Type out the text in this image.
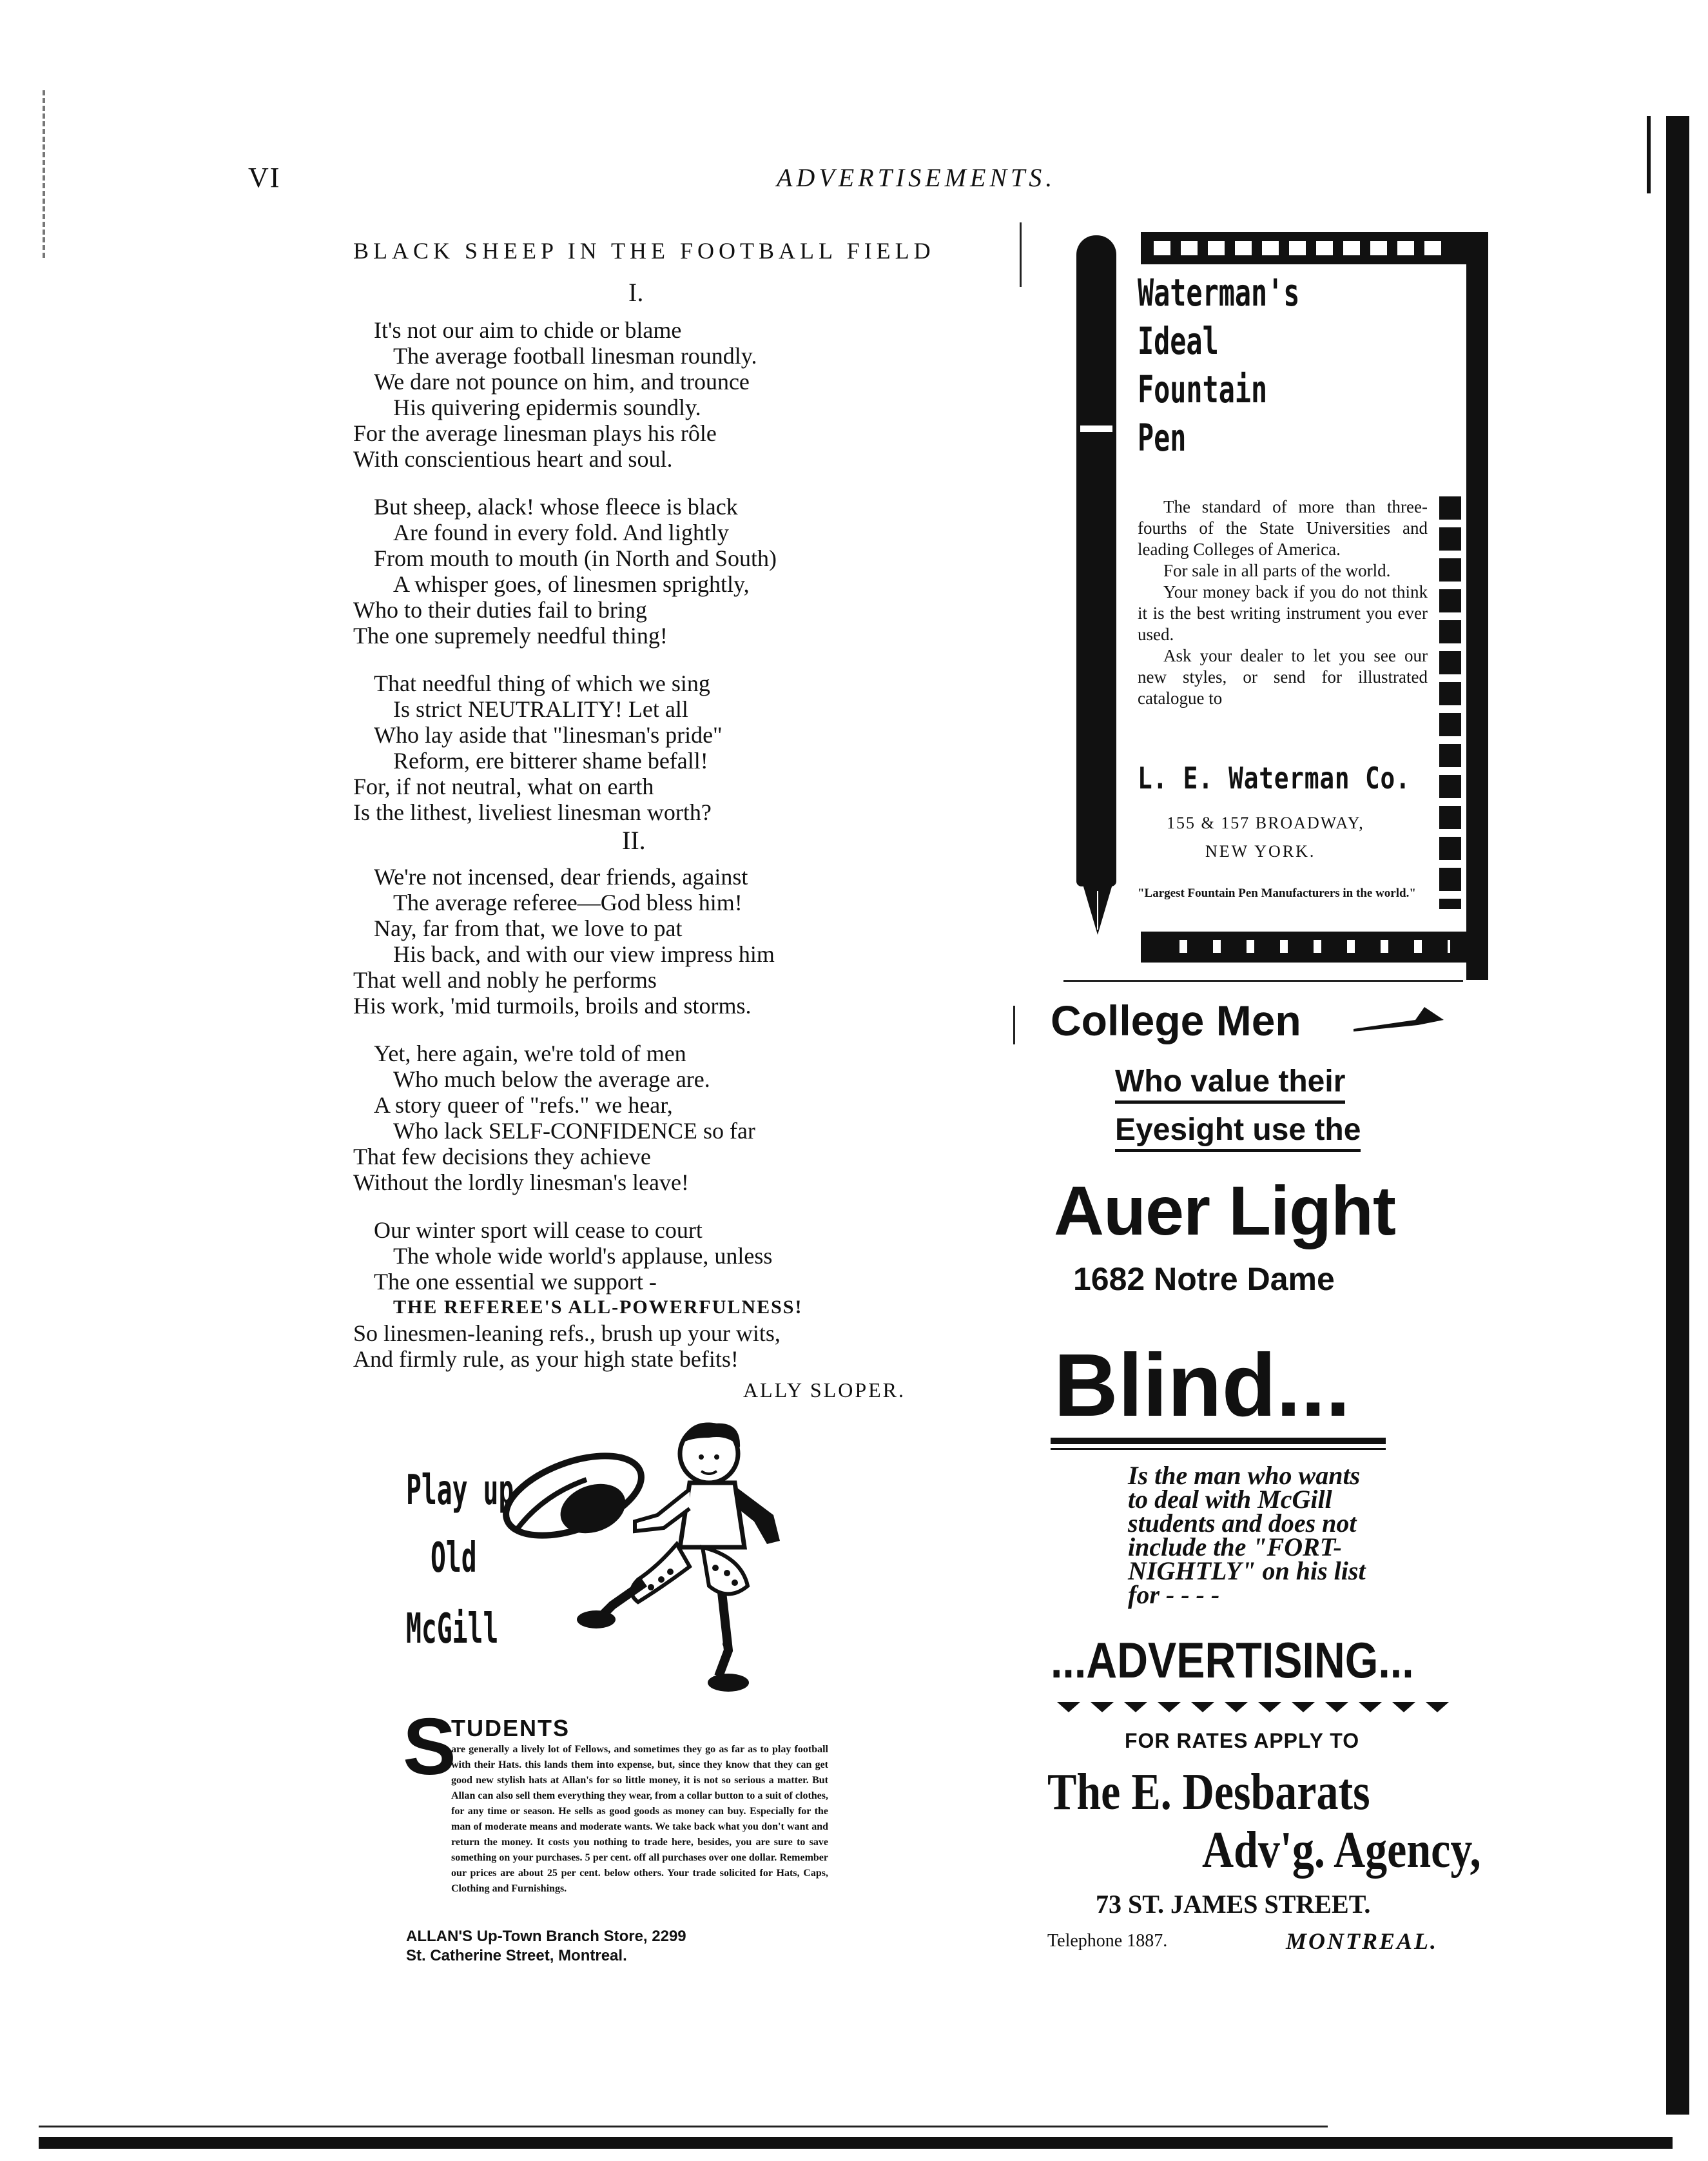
VI	ADVERTISEMENTS.
BLACK SHEEP IN THE FOOTBALL FIELD
I.
It's not our aim to chide or blame
The average football linesman roundly.
We dare not pounce on him, and trounce
His quivering epidermis soundly.
For the average linesman plays his rôle
With conscientious heart and soul.
But sheep, alack! whose fleece is black
Are found in every fold. And lightly
From mouth to mouth (in North and South)
A whisper goes, of linesmen sprightly,
Who to their duties fail to bring
The one supremely needful thing!
That needful thing of which we sing
Is strict NEUTRALITY! Let all
Who lay aside that "linesman's pride"
Reform, ere bitterer shame befall!
For, if not neutral, what on earth
Is the lithest, liveliest linesman worth?
II.
We're not incensed, dear friends, against
The average referee—God bless him!
Nay, far from that, we love to pat
His back, and with our view impress him
That well and nobly he performs
His work, 'mid turmoils, broils and storms.
Yet, here again, we're told of men
Who much below the average are.
A story queer of "refs." we hear,
Who lack SELF-CONFIDENCE so far
That few decisions they achieve
Without the lordly linesman's leave!
Our winter sport will cease to court
The whole wide world's applause, unless
The one essential we support -
THE REFEREE'S ALL-POWERFULNESS!
So linesmen-leaning refs., brush up your wits,
And firmly rule, as your high state befits!
ALLY SLOPER.
Waterman's Ideal Fountain Pen
Waterman's
Ideal
Fountain
Pen

The standard of more than three-fourths of the State Universities and leading Colleges of America.

For sale in all parts of the world.

Your money back if you do not think it is the best writing instrument you ever used.

Ask your dealer to let you see our new styles, or send for illustrated catalogue to

L. E. Waterman Co.
155 & 157 BROADWAY,
NEW YORK.
"Largest Fountain Pen Manufacturers in the world."
College Men
Who value their
Eyesight use the
Auer Light
1682 Notre Dame
Blind...
Is the man who wants
to deal with McGill
students and does not
include the "FORT-
NIGHTLY" on his list
for - - - -
...ADVERTISING...
FOR RATES APPLY TO
The E. Desbarats
Adv'g. Agency,
73 ST. JAMES STREET.
Telephone 1887.	MONTREAL.
Play up
Old
McGill
S
TUDENTS
are generally a lively lot of Fellows, and sometimes they go as far as to play football with their Hats. this lands them into expense, but, since they know that they can get good new stylish hats at Allan's for so little money, it is not so serious a matter. But Allan can also sell them everything they wear, from a collar button to a suit of clothes, for any time or season. He sells as good goods as money can buy. Especially for the man of moderate means and moderate wants. We take back what you don't want and return the money. It costs you nothing to trade here, besides, you are sure to save something on your purchases. 5 per cent. off all purchases over one dollar. Remember our prices are about 25 per cent. below others. Your trade solicited for Hats, Caps, Clothing and Furnishings.
ALLAN'S Up-Town Branch Store, 2299
St. Catherine Street, Montreal.
